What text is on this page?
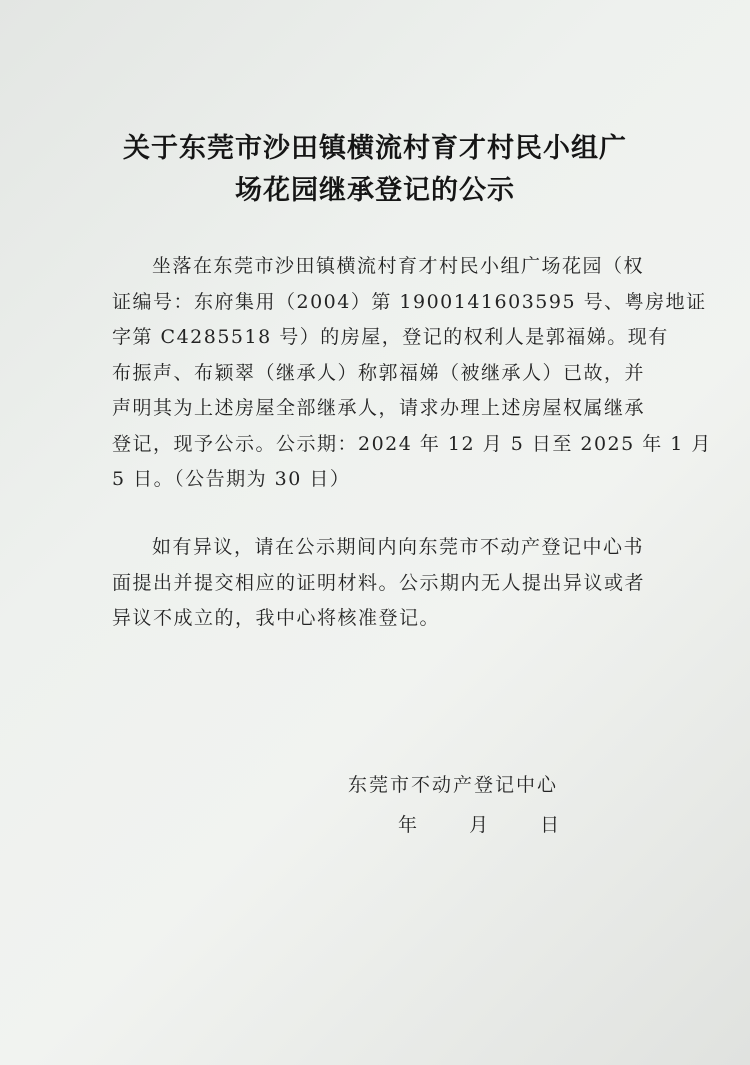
关于东莞市沙田镇横流村育才村民小组广
场花园继承登记的公示
坐落在东莞市沙田镇横流村育才村民小组广场花园（权
证编号：东府集用（2004）第 1900141603595 号、粤房地证
字第 C4285518 号）的房屋，登记的权利人是郭福娣。现有
布振声、布颖翠（继承人）称郭福娣（被继承人）已故，并
声明其为上述房屋全部继承人，请求办理上述房屋权属继承
登记，现予公示。公示期：2024 年 12 月 5 日至 2025 年 1 月
5 日。（公告期为 30 日）
如有异议，请在公示期间内向东莞市不动产登记中心书
面提出并提交相应的证明材料。公示期内无人提出异议或者
异议不成立的，我中心将核准登记。
东莞市不动产登记中心
年	月	日
